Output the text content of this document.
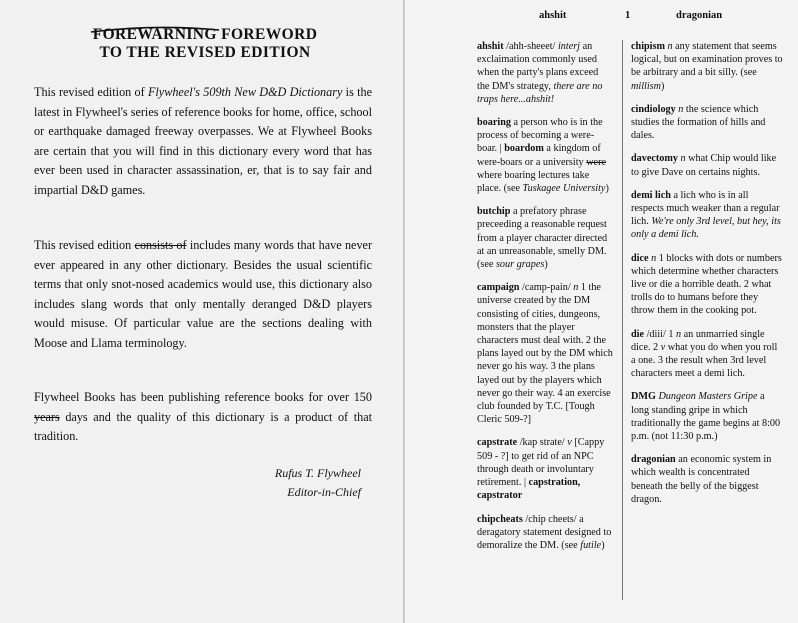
FOREWARNING
FOREWORD
TO THE REVISED EDITION
This revised edition of Flywheel's 509th New D&D Dictionary is the latest in Flywheel's series of reference books for home, office, school or earthquake damaged freeway overpasses. We at Flywheel Books are certain that you will find in this dictionary every word that has ever been used in character assassination, er, that is to say fair and impartial D&D games.
This revised edition consists of includes many words that have never ever appeared in any other dictionary. Besides the usual scientific terms that only snot-nosed academics would use, this dictionary also includes slang words that only mentally deranged D&D players would misuse. Of particular value are the sections dealing with Moose and Llama terminology.
Flywheel Books has been publishing reference books for over 150 years days and the quality of this dictionary is a product of that tradition.
Rufus T. Flywheel
Editor-in-Chief
ahshit	1	dragonian
ahshit /ahh-sheeet/ interj an exclaimation commonly used when the party's plans exceed the DM's strategy, there are no traps here...ahshit!
boaring a person who is in the process of becoming a were-boar. | boardom a kingdom of were-boars or a university were where boaring lectures take place. (see Tuskagee University)
butchip a prefatory phrase preceeding a reasonable request from a player character directed at an unreasonable, smelly DM. (see sour grapes)
campaign /camp-pain/ n 1 the universe created by the DM consisting of cities, dungeons, monsters that the player characters must deal with. 2 the plans layed out by the DM which never go his way. 3 the plans layed out by the players which never go their way. 4 an exercise club founded by T.C. [Tough Cleric 509-?]
capstrate /kap strate/ v [Cappy 509 - ?] to get rid of an NPC through death or involuntary retirement. | capstration, capstrator
chipcheats /chip cheets/ a deragatory statement designed to demoralize the DM. (see futile)
chipism n any statement that seems logical, but on examination proves to be arbitrary and a bit silly. (see millism)
cindiology n the science which studies the formation of hills and dales.
davectomy n what Chip would like to give Dave on certains nights.
demi lich a lich who is in all respects much weaker than a regular lich. We're only 3rd level, but hey, its only a demi lich.
dice n 1 blocks with dots or numbers which determine whether characters live or die a horrible death. 2 what trolls do to humans before they throw them in the cooking pot.
die /diii/ 1 n an unmarried single dice. 2 v what you do when you roll a one. 3 the result when 3rd level characters meet a demi lich.
DMG Dungeon Masters Gripe a long standing gripe in which traditionally the game begins at 8:00 p.m. (not 11:30 p.m.)
dragonian an economic system in which wealth is concentrated beneath the belly of the biggest dragon.
